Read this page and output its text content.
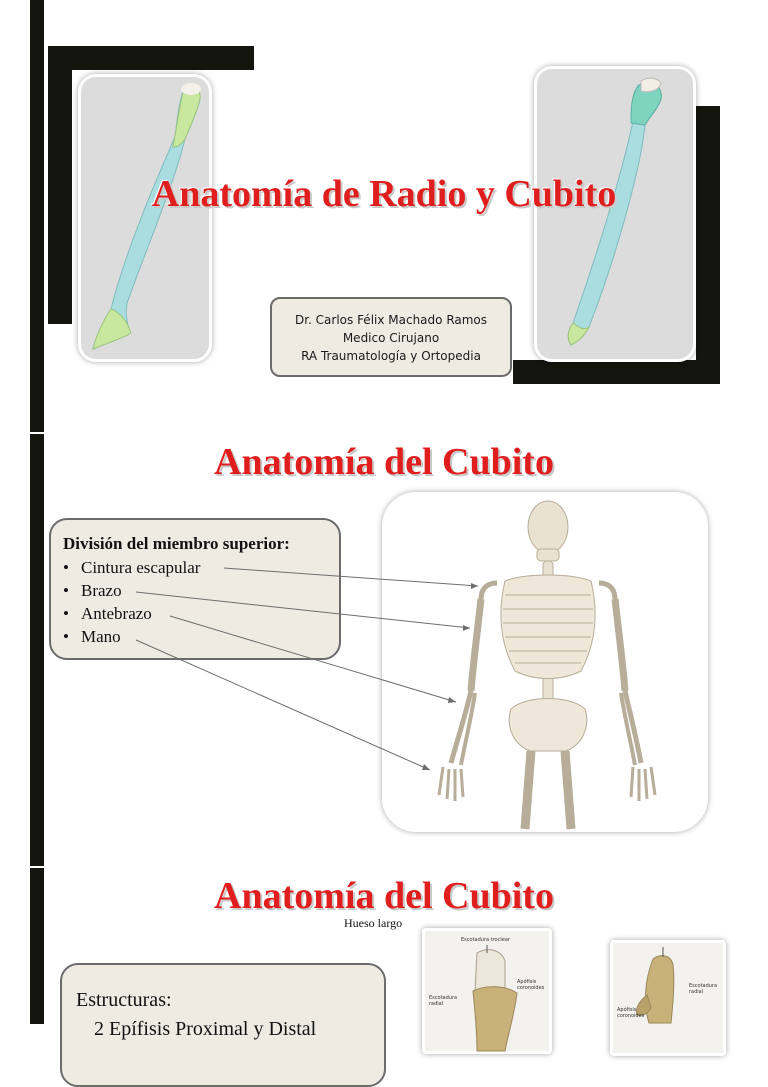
Anatomía de Radio y Cubito
Dr. Carlos Félix Machado Ramos
Medico Cirujano
RA Traumatología y Ortopedia
Anatomía del Cubito
División del miembro superior:
• Cintura escapular
• Brazo
• Antebrazo
• Mano
Anatomía del Cubito
Hueso largo
Estructuras:
2 Epífisis Proximal y Distal
Escotadura troclear
Apófisis coronoides
Escotadura radial
Escotadura radial
Apófisis coronoides
